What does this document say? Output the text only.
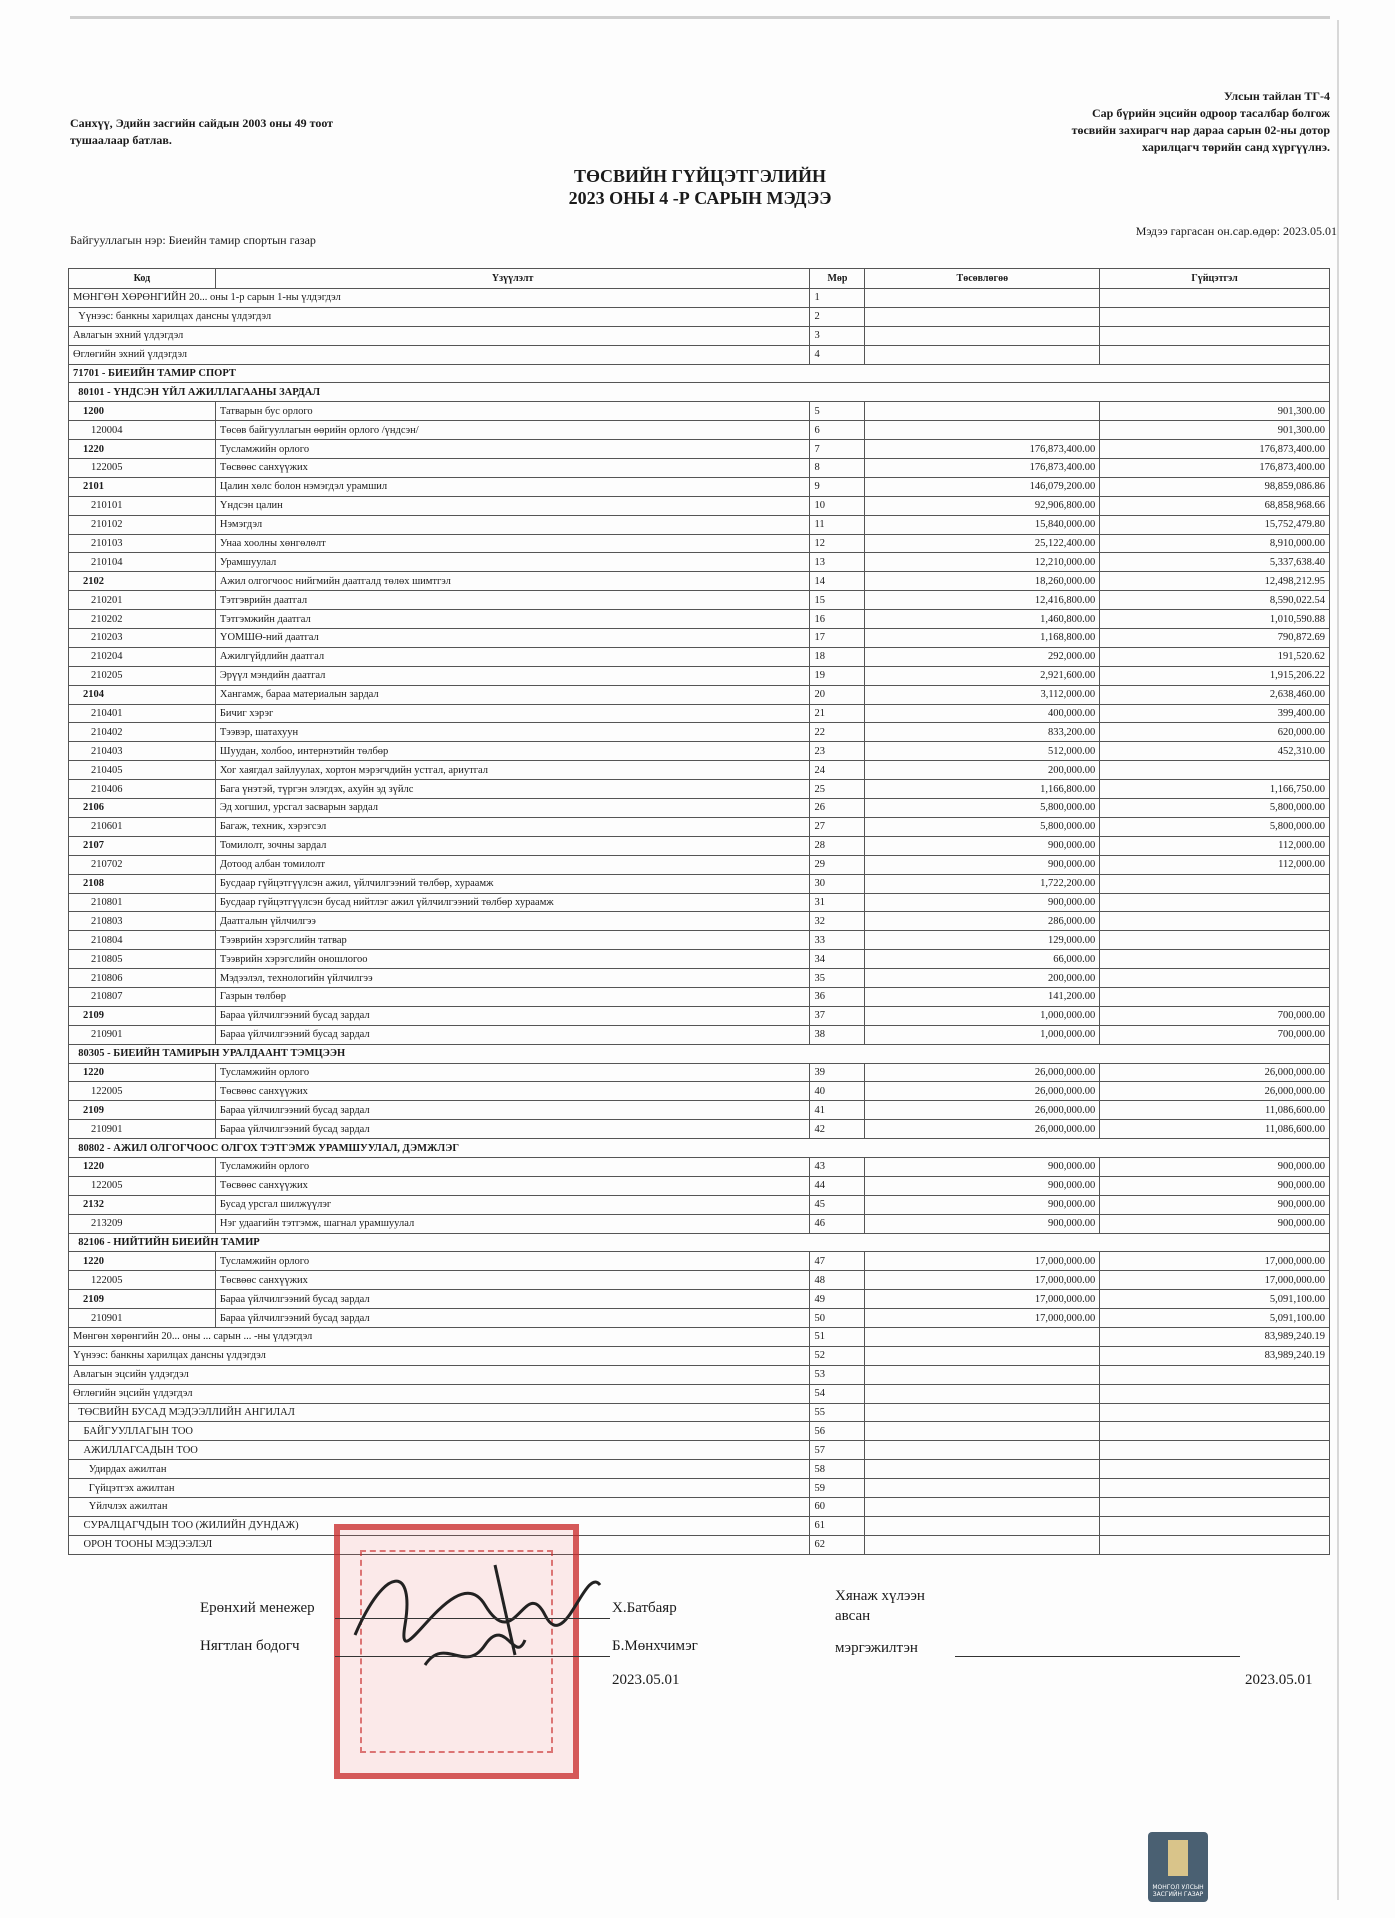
Санхүү, Эдийн засгийн сайдын 2003 оны 49 тоот
тушаалаар батлав.
Улсын тайлан ТГ-4
Сар бүрийн эцсийн одроор тасалбар болгож
төсвийн захирагч нар дараа сарын 02-ны дотор
харилцагч төрийн санд хүргүүлнэ.
ТӨСВИЙН ГҮЙЦЭТГЭЛИЙН
2023 ОНЫ 4 -Р САРЫН МЭДЭЭ
Байгууллагын нэр: Биеийн тамир спортын газар
Мэдээ гаргасан он.сар.өдөр: 2023.05.01
Код	Үзүүлэлт	Мөр	Төсөвлөгөө	Гүйцэтгэл
МӨНГӨН ХӨРӨНГИЙН 20... оны 1-р сарын 1-ны үлдэгдэл		1		
Үүнээс: банкны харилцах дансны үлдэгдэл		2		
Авлагын эхний үлдэгдэл		3		
Өглөгийн эхний үлдэгдэл		4		
71701 - БИЕИЙН ТАМИР СПОРТ				
80101 - ҮНДСЭН ҮЙЛ АЖИЛЛАГААНЫ ЗАРДАЛ				
1200	Татварын бус орлого	5		901,300.00
120004	Төсөв байгууллагын өөрийн орлого /үндсэн/	6		901,300.00
1220	Тусламжийн орлого	7	176,873,400.00	176,873,400.00
122005	Төсвөөс санхүүжих	8	176,873,400.00	176,873,400.00
2101	Цалин хөлс болон нэмэгдэл урамшил	9	146,079,200.00	98,859,086.86
210101	Үндсэн цалин	10	92,906,800.00	68,858,968.66
210102	Нэмэгдэл	11	15,840,000.00	15,752,479.80
210103	Унаа хоолны хөнгөлөлт	12	25,122,400.00	8,910,000.00
210104	Урамшуулал	13	12,210,000.00	5,337,638.40
2102	Ажил олгогчоос нийгмийн даатгалд төлөх шимтгэл	14	18,260,000.00	12,498,212.95
210201	Тэтгэврийн даатгал	15	12,416,800.00	8,590,022.54
210202	Тэтгэмжийн даатгал	16	1,460,800.00	1,010,590.88
210203	ҮОМШӨ-ний даатгал	17	1,168,800.00	790,872.69
210204	Ажилгүйдлийн даатгал	18	292,000.00	191,520.62
210205	Эрүүл мэндийн даатгал	19	2,921,600.00	1,915,206.22
2104	Хангамж, бараа материалын зардал	20	3,112,000.00	2,638,460.00
210401	Бичиг хэрэг	21	400,000.00	399,400.00
210402	Тээвэр, шатахуун	22	833,200.00	620,000.00
210403	Шуудан, холбоо, интернэтийн төлбөр	23	512,000.00	452,310.00
210405	Хог хаягдал зайлуулах, хортон мэрэгчдийн устгал, ариутгал	24	200,000.00	
210406	Бага үнэтэй, түргэн элэгдэх, ахуйн эд зүйлс	25	1,166,800.00	1,166,750.00
2106	Эд хогшил, урсгал засварын зардал	26	5,800,000.00	5,800,000.00
210601	Багаж, техник, хэрэгсэл	27	5,800,000.00	5,800,000.00
2107	Томилолт, зочны зардал	28	900,000.00	112,000.00
210702	Дотоод албан томилолт	29	900,000.00	112,000.00
2108	Бусдаар гүйцэтгүүлсэн ажил, үйлчилгээний төлбөр, хураамж	30	1,722,200.00	
210801	Бусдаар гүйцэтгүүлсэн бусад нийтлэг ажил үйлчилгээний төлбөр хураамж	31	900,000.00	
210803	Даатгалын үйлчилгээ	32	286,000.00	
210804	Тээврийн хэрэгслийн татвар	33	129,000.00	
210805	Тээврийн хэрэгслийн оношлогоо	34	66,000.00	
210806	Мэдээлэл, технологийн үйлчилгээ	35	200,000.00	
210807	Газрын төлбөр	36	141,200.00	
2109	Бараа үйлчилгээний бусад зардал	37	1,000,000.00	700,000.00
210901	Бараа үйлчилгээний бусад зардал	38	1,000,000.00	700,000.00
80305 - БИЕИЙН ТАМИРЫН УРАЛДААНТ ТЭМЦЭЭН				
1220	Тусламжийн орлого	39	26,000,000.00	26,000,000.00
122005	Төсвөөс санхүүжих	40	26,000,000.00	26,000,000.00
2109	Бараа үйлчилгээний бусад зардал	41	26,000,000.00	11,086,600.00
210901	Бараа үйлчилгээний бусад зардал	42	26,000,000.00	11,086,600.00
80802 - АЖИЛ ОЛГОГЧООС ОЛГОХ ТЭТГЭМЖ УРАМШУУЛАЛ, ДЭМЖЛЭГ				
1220	Тусламжийн орлого	43	900,000.00	900,000.00
122005	Төсвөөс санхүүжих	44	900,000.00	900,000.00
2132	Бусад урсгал шилжүүлэг	45	900,000.00	900,000.00
213209	Нэг удаагийн тэтгэмж, шагнал урамшуулал	46	900,000.00	900,000.00
82106 - НИЙТИЙН БИЕИЙН ТАМИР				
1220	Тусламжийн орлого	47	17,000,000.00	17,000,000.00
122005	Төсвөөс санхүүжих	48	17,000,000.00	17,000,000.00
2109	Бараа үйлчилгээний бусад зардал	49	17,000,000.00	5,091,100.00
210901	Бараа үйлчилгээний бусад зардал	50	17,000,000.00	5,091,100.00
Мөнгөн хөрөнгийн 20... оны ... сарын ... -ны үлдэгдэл		51		83,989,240.19
Үүнээс: банкны харилцах дансны үлдэгдэл		52		83,989,240.19
Авлагын эцсийн үлдэгдэл		53		
Өглөгийн эцсийн үлдэгдэл		54		
ТӨСВИЙН БУСАД МЭДЭЭЛЛИЙН АНГИЛАЛ		55		
БАЙГУУЛЛАГЫН ТОО		56		
АЖИЛЛАГСАДЫН ТОО		57		
Удирдах ажилтан		58		
Гүйцэтгэх ажилтан		59		
Үйлчлэх ажилтан		60		
СУРАЛЦАГЧДЫН ТОО (ЖИЛИЙН ДУНДАЖ)		61		
ОРОН ТООНЫ МЭДЭЭЛЭЛ		62		
Ерөнхий менежер	Х.Батбаяр
Нягтлан бодогч	Б.Мөнхчимэг
2023.05.01
Хянаж хүлээн
авсан
мэргэжилтэн
2023.05.01
МОНГОЛ УЛСЫН
ЗАСГИЙН ГАЗАР
